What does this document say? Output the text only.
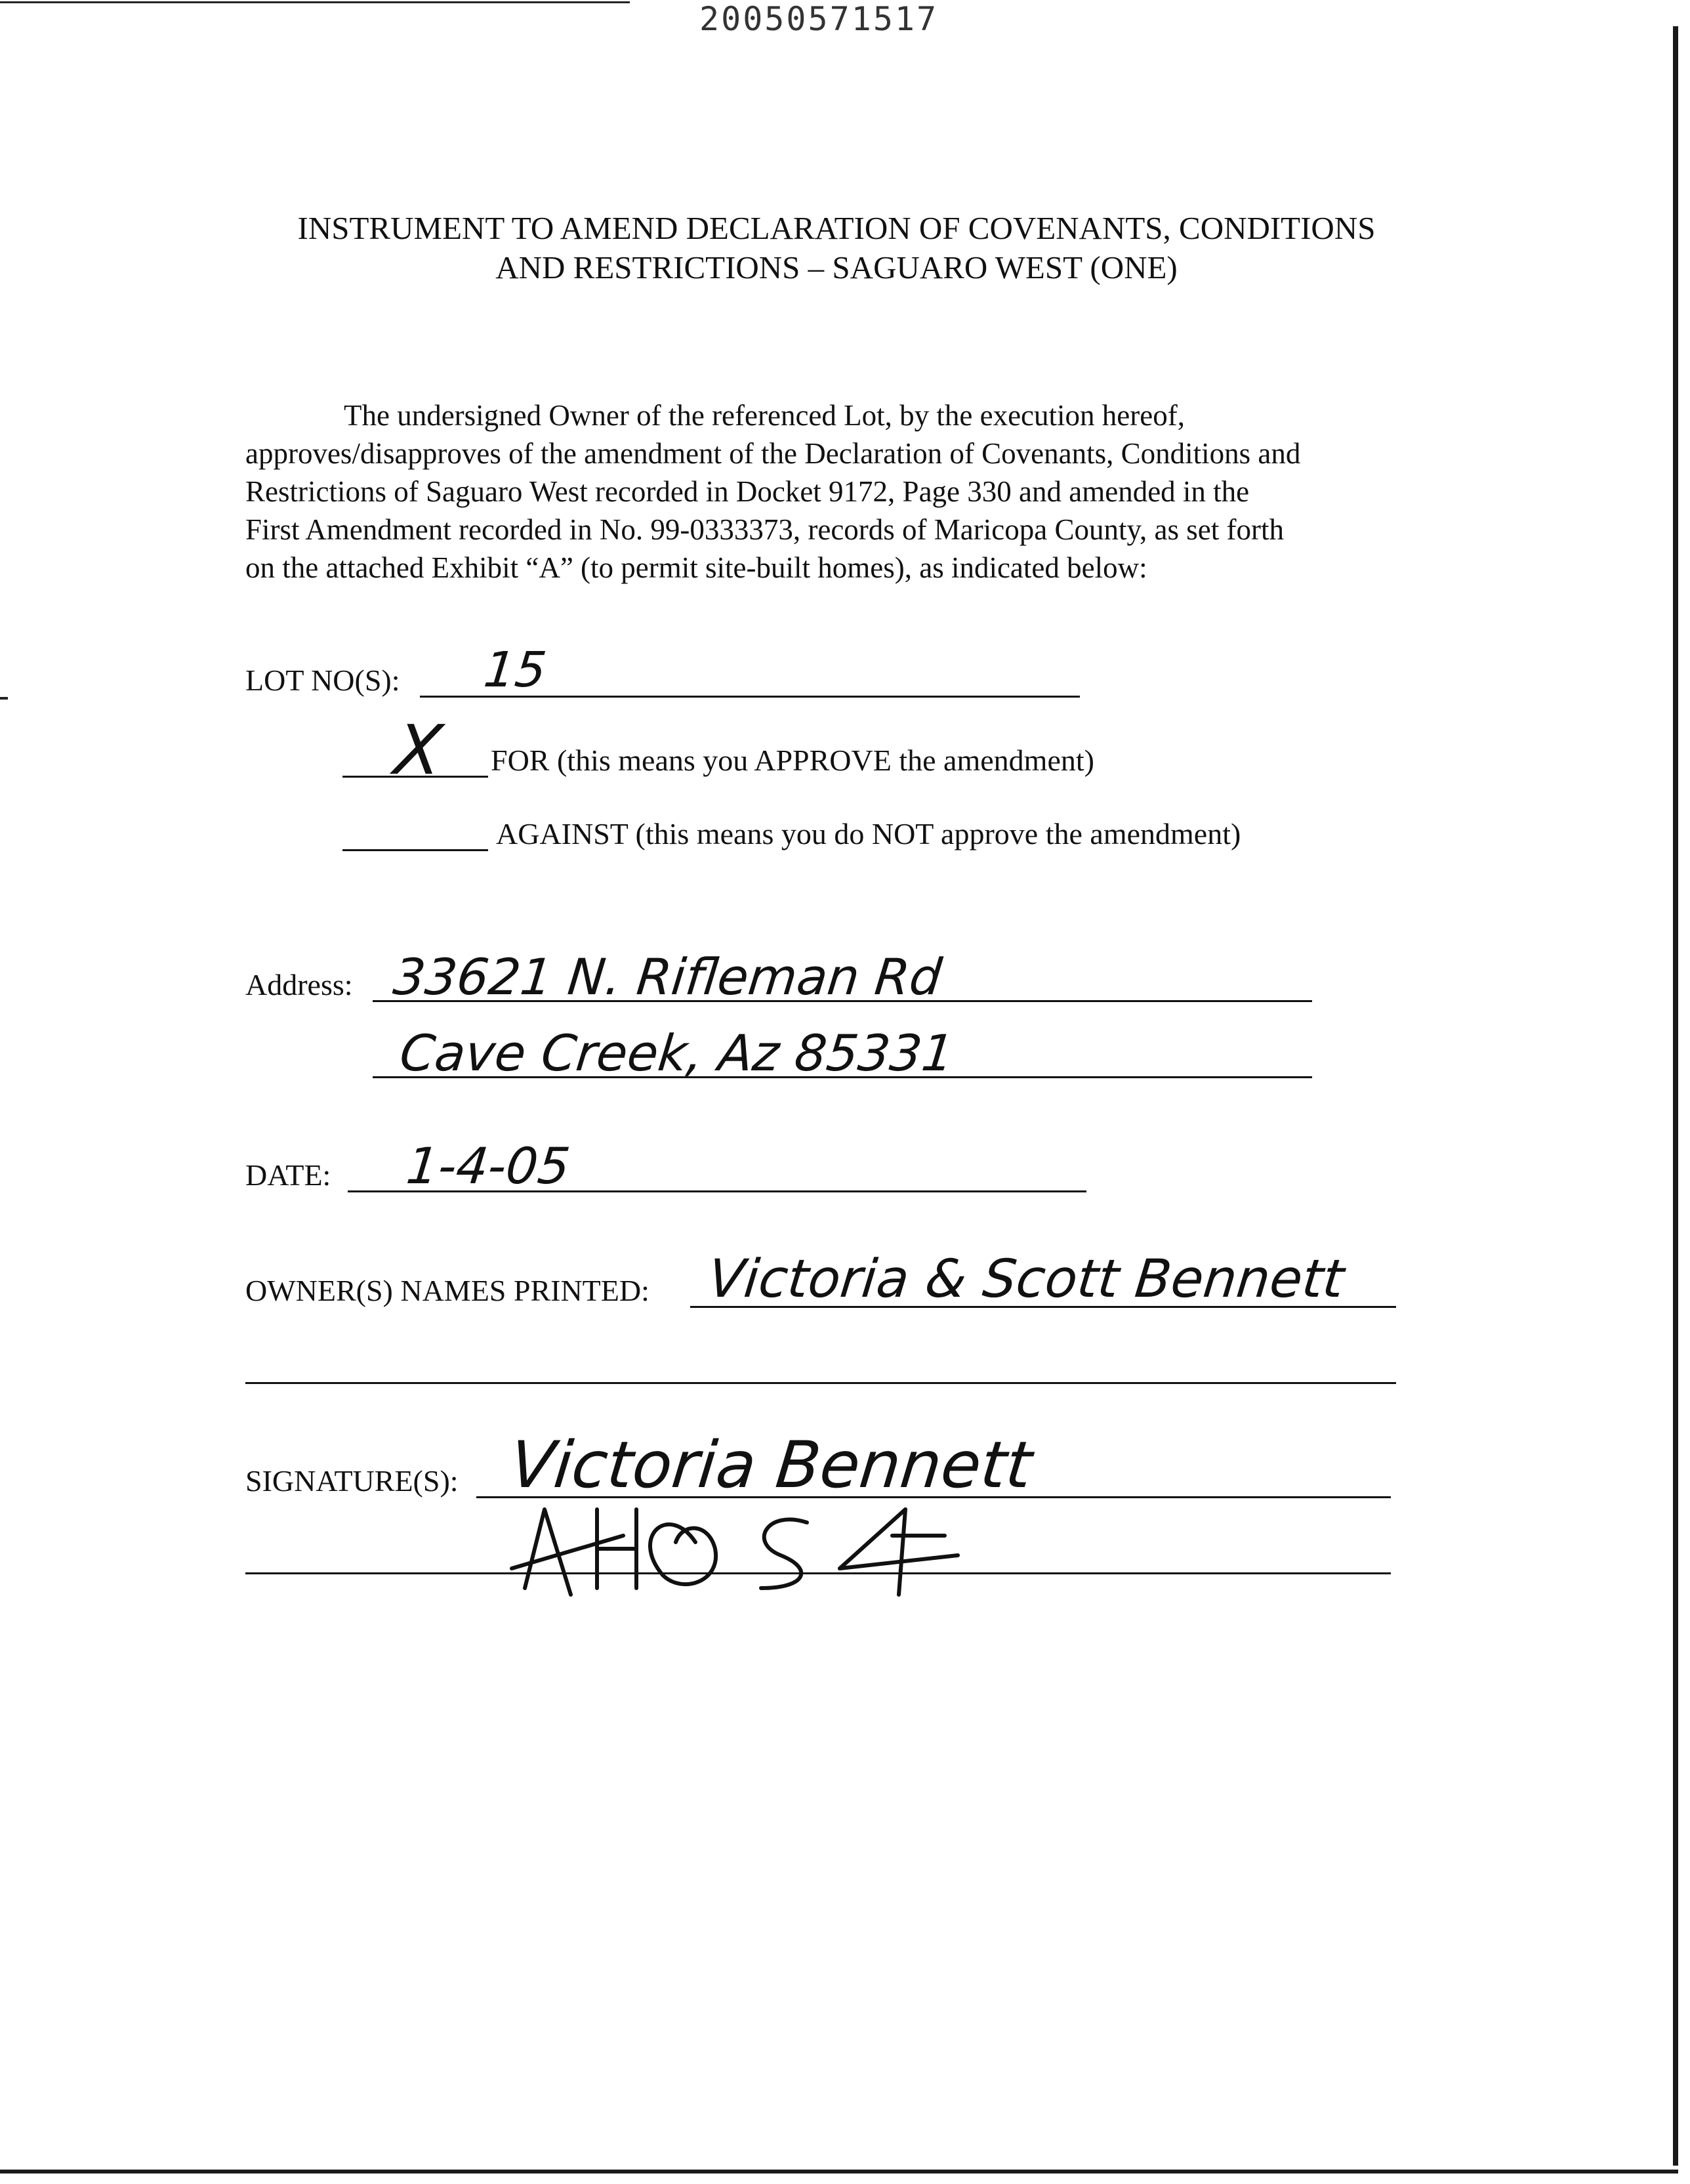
20050571517
INSTRUMENT TO AMEND DECLARATION OF COVENANTS, CONDITIONS
AND RESTRICTIONS – SAGUARO WEST (ONE)
The undersigned Owner of the referenced Lot, by the execution hereof,
approves/disapproves of the amendment of the Declaration of Covenants, Conditions and
Restrictions of Saguaro West recorded in Docket 9172, Page 330 and amended in the
First Amendment recorded in No. 99-0333373, records of Maricopa County, as set forth
on the attached Exhibit “A” (to permit site-built homes), as indicated below:
LOT NO(S): 15
X FOR (this means you APPROVE the amendment)
AGAINST (this means you do NOT approve the amendment)
Address: 33621 N. Rifleman Rd
Cave Creek, Az 85331
DATE: 1-4-05
OWNER(S) NAMES PRINTED: Victoria & Scott Bennett
SIGNATURE(S): Victoria Bennett
